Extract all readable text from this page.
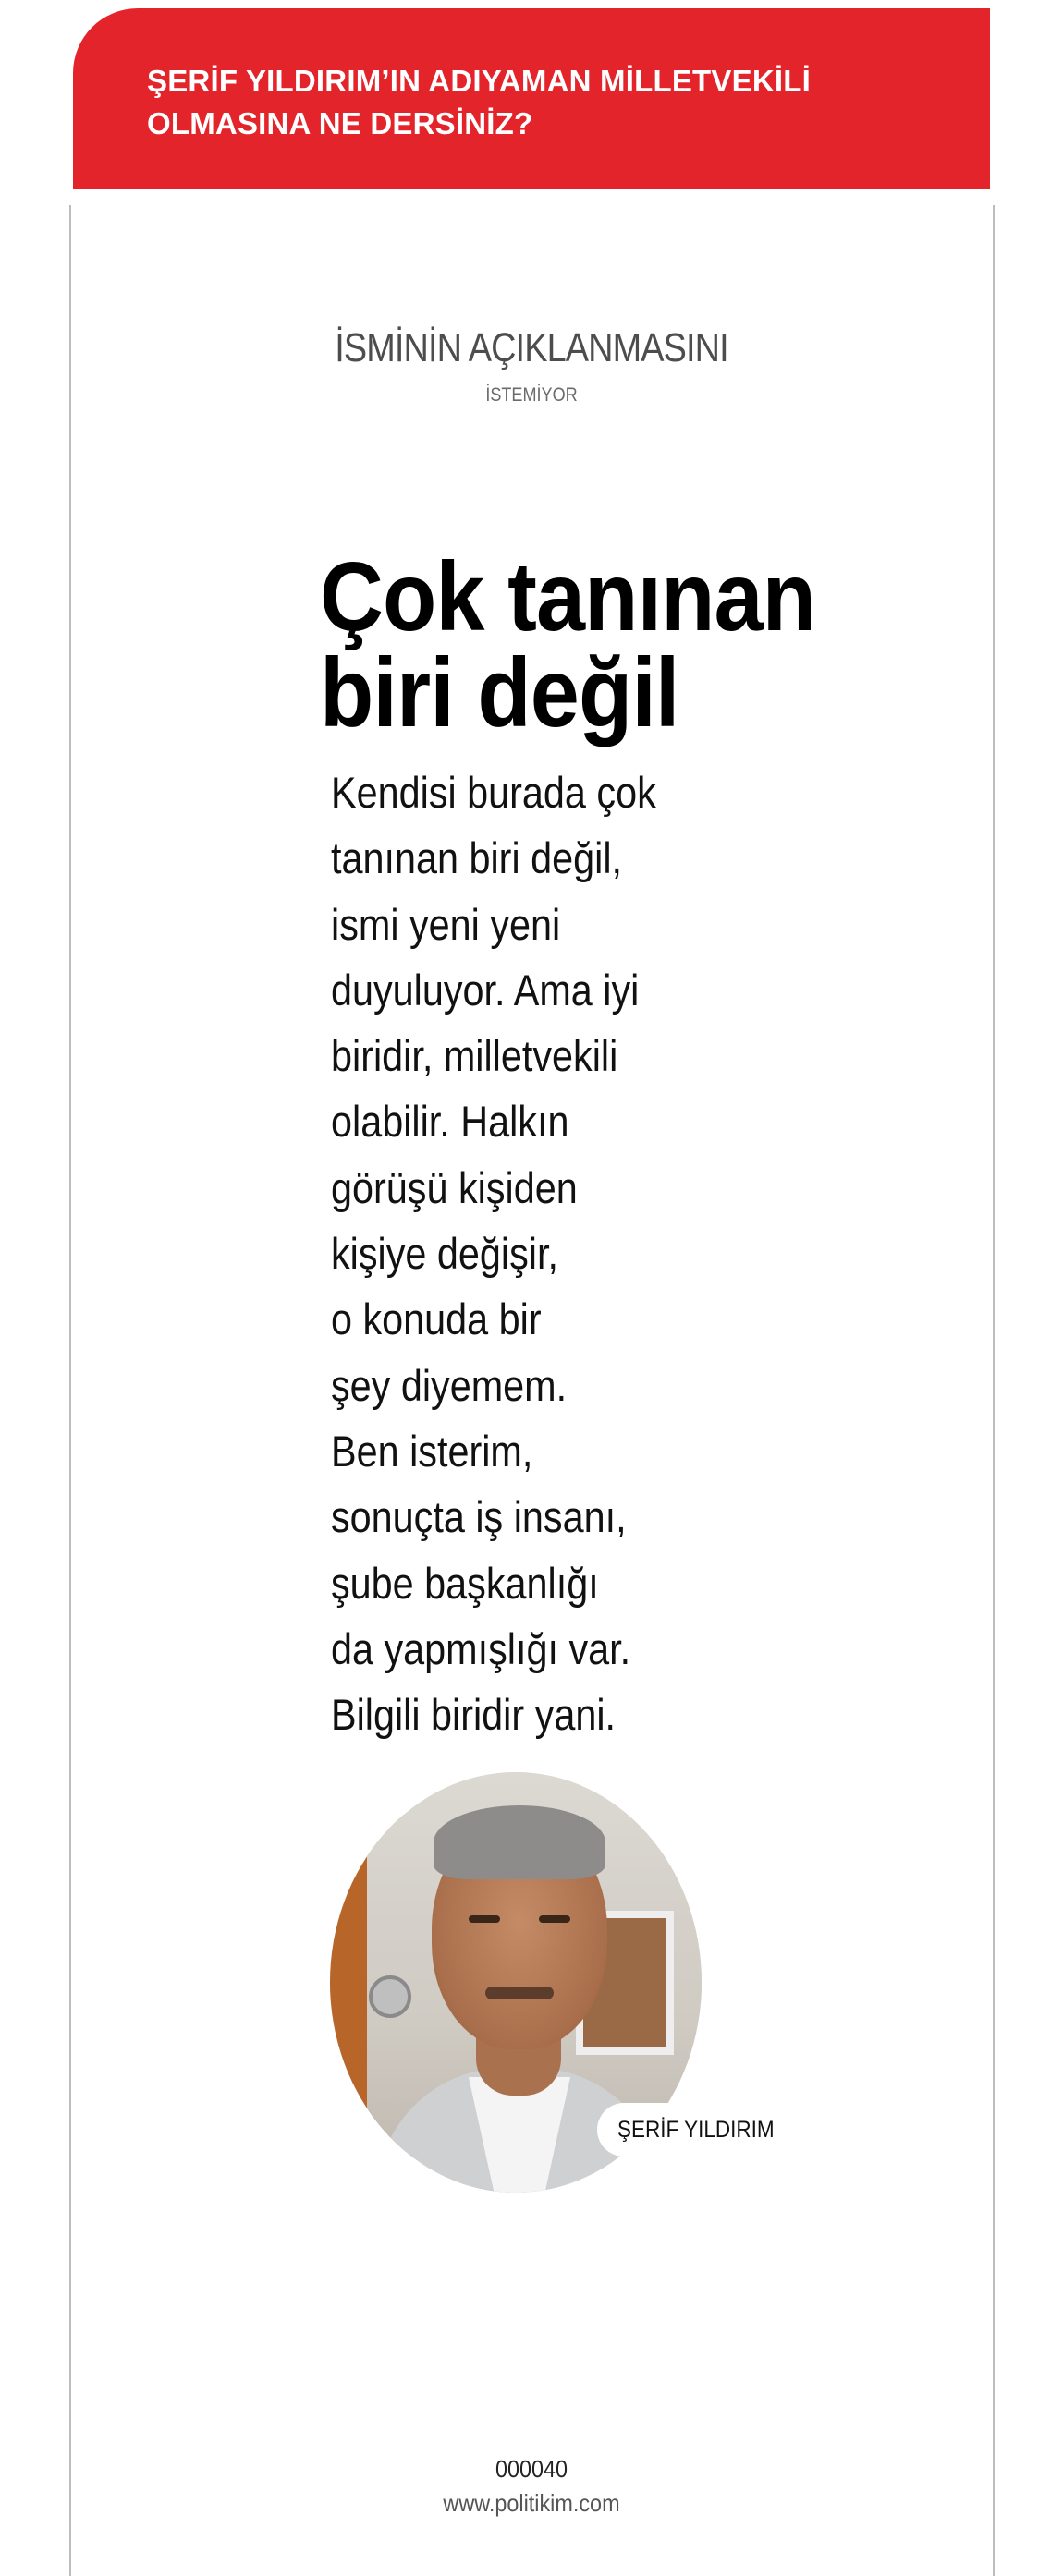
ŞERİF YILDIRIM’IN ADIYAMAN MİLLETVEKİLİ
OLMASINA NE DERSİNİZ?
İSMİNİN AÇIKLANMASINI
İSTEMİYOR
Çok tanınan
biri değil
Kendisi burada çok
tanınan biri değil,
ismi yeni yeni
duyuluyor. Ama iyi
biridir, milletvekili
olabilir. Halkın
görüşü kişiden
kişiye değişir,
o konuda bir
şey diyemem.
Ben isterim,
sonuçta iş insanı,
şube başkanlığı
da yapmışlığı var.
Bilgili biridir yani.
ŞERİF YILDIRIM
000040
www.politikim.com
